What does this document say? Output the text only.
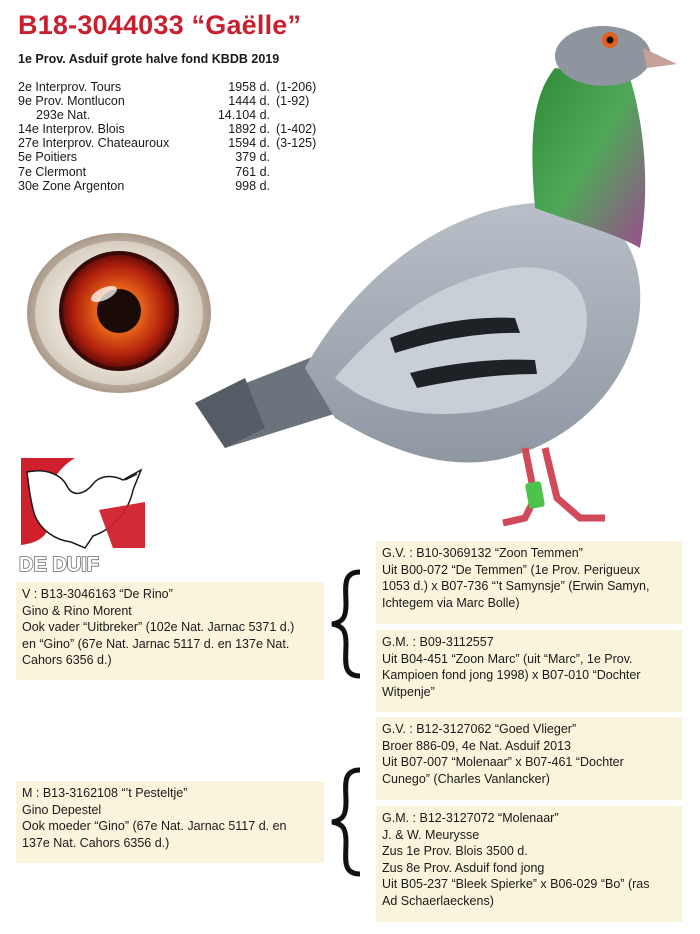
B18-3044033 “Gaëlle”
1e Prov. Asduif grote halve fond KBDB 2019
2e Interprov. Tours	1958 d. (1-206)
9e Prov. Montlucon	1444 d. (1-92)
293e Nat.	14.104 d.
14e Interprov. Blois	1892 d. (1-402)
27e Interprov. Chateauroux	1594 d. (3-125)
5e Poitiers	379 d.
7e Clermont	761 d.
30e Zone Argenton	998 d.
DE DUIF
V : B13-3046163 “De Rino”
Gino & Rino Morent
Ook vader “Uitbreker” (102e Nat. Jarnac 5371 d.)
en “Gino” (67e Nat. Jarnac 5117 d. en 137e Nat.
Cahors 6356 d.)
G.V. : B10-3069132 “Zoon Temmen”
Uit B00-072 “De Temmen” (1e Prov. Perigueux
1053 d.) x B07-736 “’t Samynsje” (Erwin Samyn,
Ichtegem via Marc Bolle)
G.M. : B09-3112557
Uit B04-451 “Zoon Marc” (uit “Marc”, 1e Prov.
Kampioen fond jong 1998) x B07-010 “Dochter
Witpenje”
M : B13-3162108 “’t Pesteltje”
Gino Depestel
Ook moeder “Gino” (67e Nat. Jarnac 5117 d. en
137e Nat. Cahors 6356 d.)
G.V. : B12-3127062 “Goed Vlieger”
Broer 886-09, 4e Nat. Asduif 2013
Uit B07-007 “Molenaar” x B07-461 “Dochter
Cunego” (Charles Vanlancker)
G.M. : B12-3127072 “Molenaar”
J. & W. Meurysse
Zus 1e Prov. Blois 3500 d.
Zus 8e Prov. Asduif fond jong
Uit B05-237 “Bleek Spierke” x B06-029 “Bo” (ras
Ad Schaerlaeckens)
